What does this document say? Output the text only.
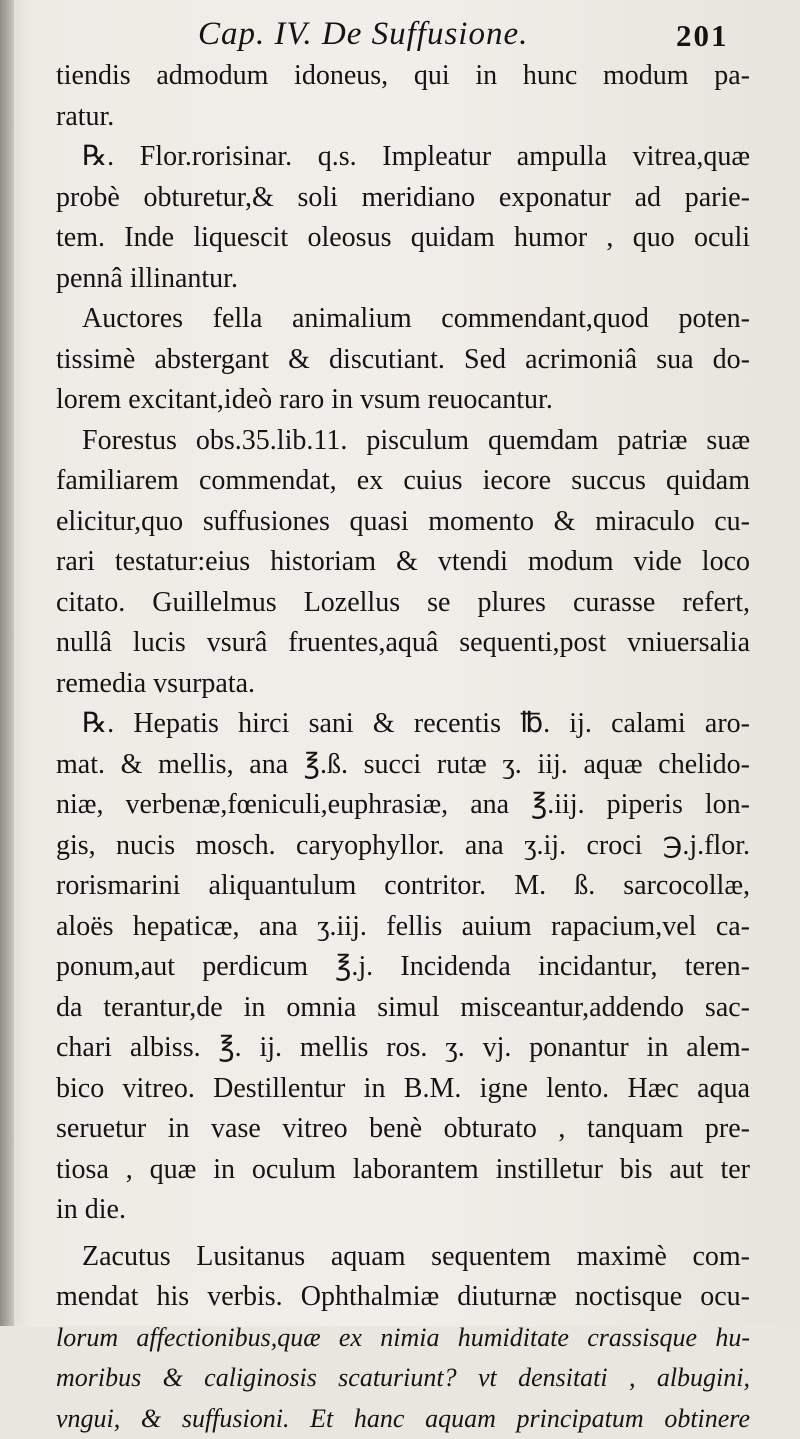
Cap. IV. De Suffusione.	201
tiendis admodum idoneus, qui in hunc modum pa-
ratur.
℞. Flor.rorisinar. q.s. Impleatur ampulla vitrea,quæ
probè obturetur,& soli meridiano exponatur ad parie-
tem. Inde liquescit oleosus quidam humor , quo oculi
pennâ illinantur.
Auctores fella animalium commendant,quod poten-
tissimè abstergant & discutiant. Sed acrimoniâ sua do-
lorem excitant,ideò raro in vsum reuocantur.
Forestus obs.35.lib.11. pisculum quemdam patriæ suæ
familiarem commendat, ex cuius iecore succus quidam
elicitur,quo suffusiones quasi momento & miraculo cu-
rari testatur:eius historiam & vtendi modum vide loco
citato. Guillelmus Lozellus se plures curasse refert,
nullâ lucis vsurâ fruentes,aquâ sequenti,post vniuersalia
remedia vsurpata.
℞. Hepatis hirci sani & recentis ℔. ij. calami aro-
mat. & mellis, ana ℥.ß. succi rutæ ʒ. iij. aquæ chelido-
niæ, verbenæ,fœniculi,euphrasiæ, ana ℥.iij. piperis lon-
gis, nucis mosch. caryophyllor. ana ʒ.ij. croci ℈.j.flor.
rorismarini aliquantulum contritor. M. ß. sarcocollæ,
aloës hepaticæ, ana ʒ.iij. fellis auium rapacium,vel ca-
ponum,aut perdicum ℥.j. Incidenda incidantur, teren-
da terantur,de in omnia simul misceantur,addendo sac-
chari albiss. ℥. ij. mellis ros. ʒ. vj. ponantur in alem-
bico vitreo. Destillentur in B.M. igne lento. Hæc aqua
seruetur in vase vitreo benè obturato , tanquam pre-
tiosa , quæ in oculum laborantem instilletur bis aut ter
in die.
Zacutus Lusitanus aquam sequentem maximè com-
mendat his verbis. Ophthalmiæ diuturnæ noctisque ocu-
lorum affectionibus,quæ ex nimia humiditate crassisque hu-
moribus & caliginosis scaturiunt? vt densitati , albugini,
vngui, & suffusioni. Et hanc aquam principatum obtinere
